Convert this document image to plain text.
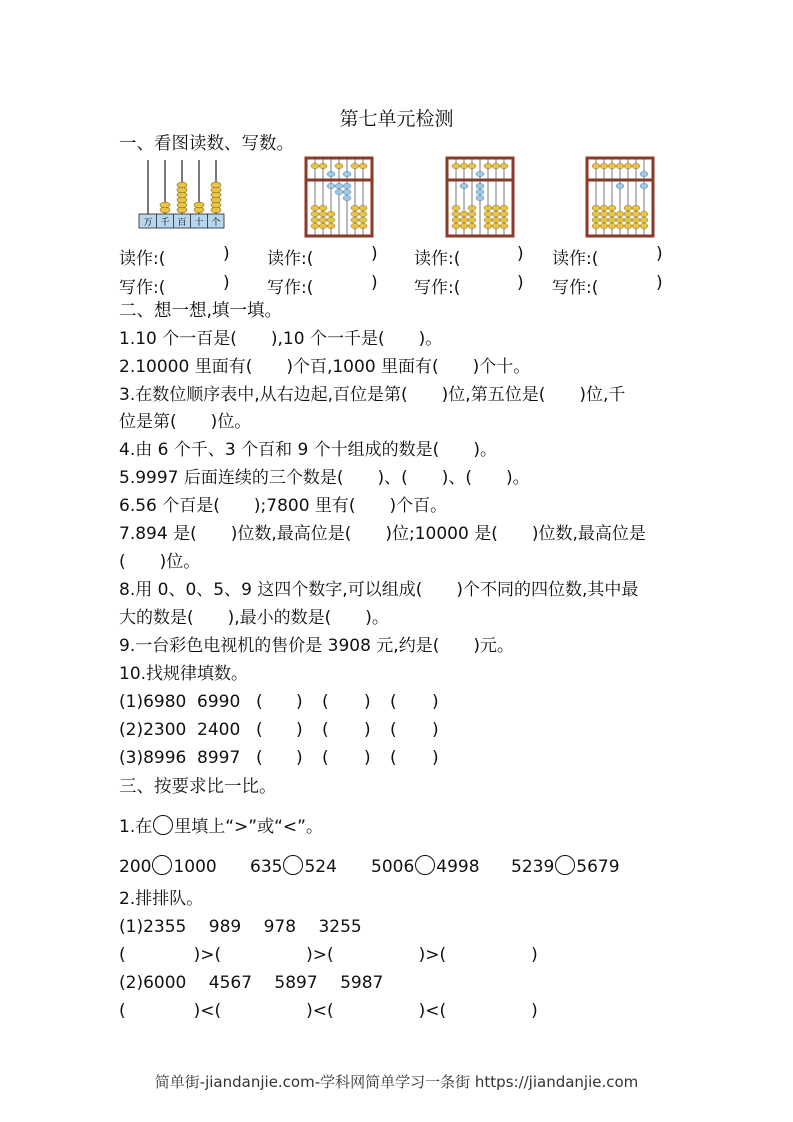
第七单元检测
一、看图读数、写数。
万 千 百 十 个
读作:(	) 读作:(	) 读作:(	) 读作:(	)
写作:(	) 写作:(	) 写作:(	) 写作:(	)
二、想一想,填一填。
1.10 个一百是(　　),10 个一千是(　　)。
2.10000 里面有(　　)个百,1000 里面有(　　)个十。
3.在数位顺序表中,从右边起,百位是第(　　)位,第五位是(　　)位,千
位是第(　　)位。
4.由 6 个千、3 个百和 9 个十组成的数是(　　)。
5.9997 后面连续的三个数是(　　)、(　　)、(　　)。
6.56 个百是(　　);7800 里有(　　)个百。
7.894 是(　　)位数,最高位是(　　)位;10000 是(　　)位数,最高位是
(　　)位。
8.用 0、0、5、9 这四个数字,可以组成(　　)个不同的四位数,其中最
大的数是(　　),最小的数是(　　)。
9.一台彩色电视机的售价是 3908 元,约是(　　)元。
10.找规律填数。
(1)6980 6990 ( ) ( ) ( )
(2)2300 2400 ( ) ( ) ( )
(3)8996 8997 ( ) ( ) ( )
三、按要求比一比。
1.在 里填上“>”或“<”。
200 1000 635 524 5006 4998 5239 5679
2.排排队。
(1)2355　 989　 978　 3255
(　　　　)>(　　　　　)>(　　　　　)>(　　　　　)
(2)6000　 4567　 5897　 5987
(　　　　)<(　　　　　)<(　　　　　)<(　　　　　)
简单街-jiandanjie.com-学科网简单学习一条街 https://jiandanjie.com
